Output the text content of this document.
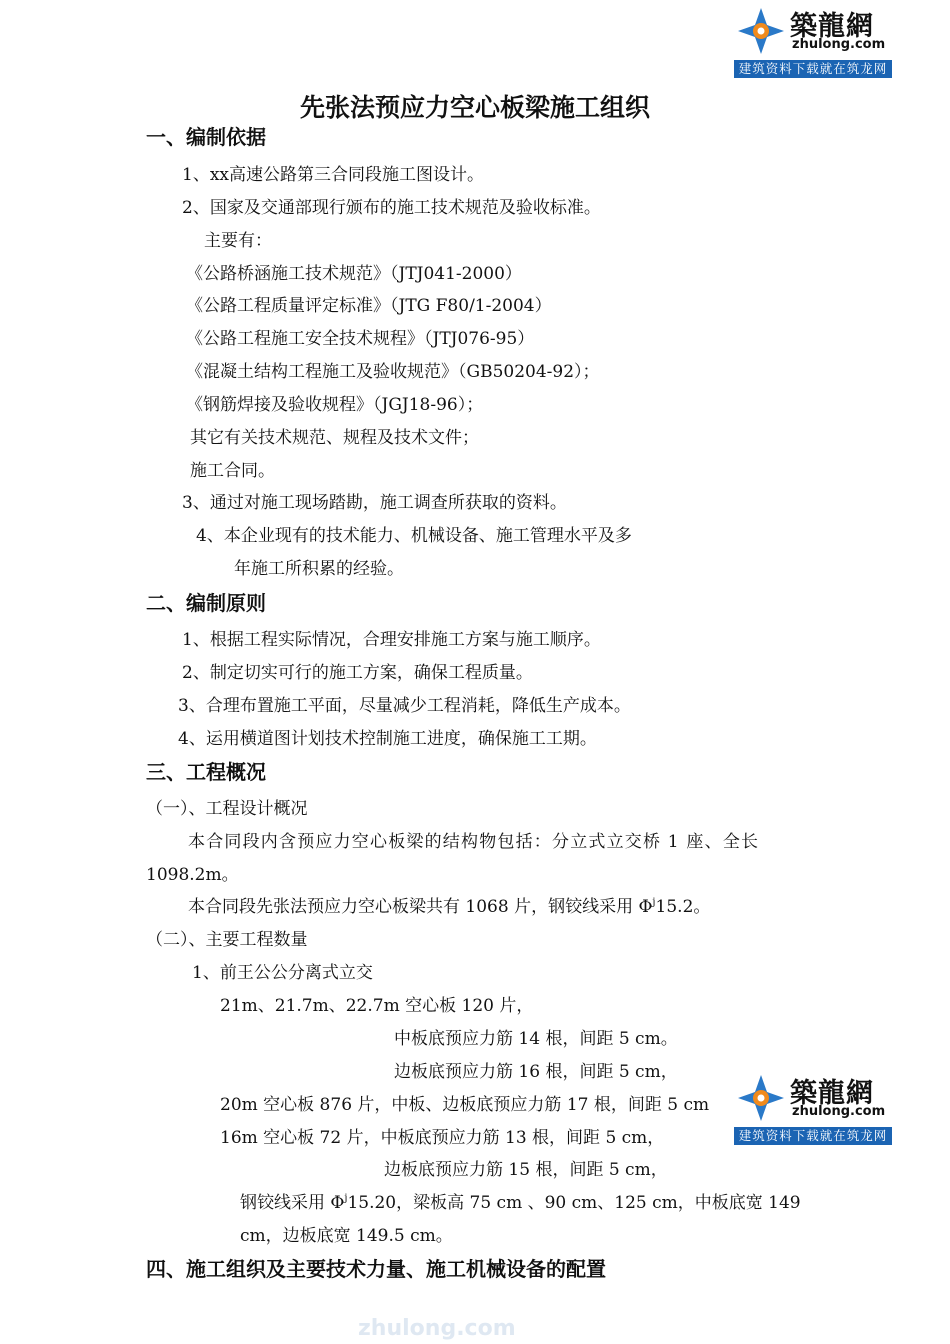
zhulong.com
築龍網
zhulong.com
建筑资料下载就在筑龙网
築龍網
zhulong.com
建筑资料下载就在筑龙网
先张法预应力空心板梁施工组织
一、编制依据
1、xx高速公路第三合同段施工图设计。
2、国家及交通部现行颁布的施工技术规范及验收标准。
主要有：
《公路桥涵施工技术规范》（JTJ041-2000）
《公路工程质量评定标准》（JTG F80/1-2004）
《公路工程施工安全技术规程》（JTJ076-95）
《混凝土结构工程施工及验收规范》（GB50204-92）；
《钢筋焊接及验收规程》（JGJ18-96）；
其它有关技术规范、规程及技术文件；
施工合同。
3、通过对施工现场踏勘，施工调查所获取的资料。
4、本企业现有的技术能力、机械设备、施工管理水平及多
年施工所积累的经验。
二、编制原则
1、根据工程实际情况，合理安排施工方案与施工顺序。
2、制定切实可行的施工方案，确保工程质量。
3、合理布置施工平面，尽量减少工程消耗，降低生产成本。
4、运用横道图计划技术控制施工进度，确保施工工期。
三、工程概况
（一）、工程设计概况
本合同段内含预应力空心板梁的结构物包括：分立式立交桥 1 座、全长
1098.2m。
本合同段先张法预应力空心板梁共有 1068 片，钢铰线采用 $\Phi^j15.2$。
（二）、主要工程数量
1、前王公公分离式立交
21m、21.7m、22.7m 空心板 120 片，
中板底预应力筋 14 根，间距 5 cm。
边板底预应力筋 16 根，间距 5 cm，
20m 空心板 876 片，中板、边板底预应力筋 17 根，间距 5 cm
16m 空心板 72 片，中板底预应力筋 13 根，间距 5 cm，
边板底预应力筋 15 根，间距 5 cm，
钢铰线采用 $\Phi^j15.20$，梁板高 75 cm 、90 cm、125 cm，中板底宽 149
cm，边板底宽 149.5 cm。
四、施工组织及主要技术力量、施工机械设备的配置
